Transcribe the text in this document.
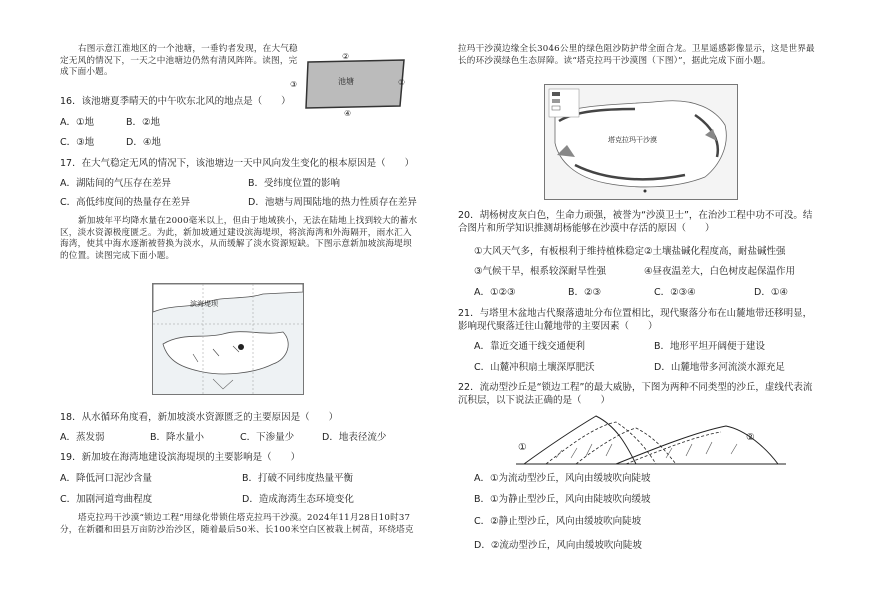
右图示意江淮地区的一个池塘，一垂钓者发现，在大气稳定无风的情况下，一天之中池塘边仍然有清风阵阵。读图，完成下面小题。
池塘
②
①
③
④
16．该池塘夏季晴天的中午吹东北风的地点是（　　）
A．①地	B．②地
C．③地	D．④地
17．在大气稳定无风的情况下，该池塘边一天中风向发生变化的根本原因是（　　）
A．湖陆间的气压存在差异	B．受纬度位置的影响
C．高低纬度间的热量存在差异	D．池塘与周围陆地的热力性质存在差异
新加坡年平均降水量在2000毫米以上，但由于地域狭小，无法在陆地上找到较大的蓄水区，淡水资源极度匮乏。为此，新加坡通过建设滨海堤坝，将滨海湾和外海隔开，雨水汇入海湾，使其中海水逐渐被替换为淡水，从而缓解了淡水资源短缺。下图示意新加坡滨海堤坝的位置。读图完成下面小题。
滨海堤坝
18．从水循环角度看，新加坡淡水资源匮乏的主要原因是（　　）
A．蒸发弱	B．降水量小	C．下渗量少	D．地表径流少
19．新加坡在海湾地建设滨海堤坝的主要影响是（　　）
A．降低河口泥沙含量	B．打破不同纬度热量平衡
C．加剧河道弯曲程度	D．造成海湾生态环境变化
塔克拉玛干沙漠“锁边工程”用绿化带锁住塔克拉玛干沙漠。2024年11月28日10时37分，在新疆和田县万亩防沙治沙区，随着最后50米、长100米空白区被栽上树苗，环绕塔克
拉玛干沙漠边缘全长3046公里的绿色阻沙防护带全面合龙。卫星遥感影像显示，这是世界最长的环沙漠绿色生态屏障。读“塔克拉玛干沙漠图（下图）”，据此完成下面小题。
塔克拉玛干沙漠
20．胡杨树皮灰白色，生命力顽强，被誉为“沙漠卫士”，在治沙工程中功不可没。结合图片和所学知识推测胡杨能够在沙漠中存活的原因（　　）
①大风天气多，有板根利于维持植株稳定 ②土壤盐碱化程度高，耐盐碱性强
③气候干旱，根系较深耐旱性强	④昼夜温差大，白色树皮起保温作用
A．①②③	B．②③	C．②③④	D．①④
21．与塔里木盆地古代聚落遗址分布位置相比，现代聚落分布在山麓地带还移明显，影响现代聚落迁往山麓地带的主要因素（　　）
A．靠近交通干线交通便利	B．地形平坦开阔便于建设
C．山麓冲积扇土壤深厚肥沃	D．山麓地带多河流淡水源充足
22．流动型沙丘是“锁边工程”的最大威胁，下图为两种不同类型的沙丘，虚线代表流沉积层，以下说法正确的是（　　）
①
②
A．①为流动型沙丘，风向由缓坡吹向陡坡
B．①为静止型沙丘，风向由陡坡吹向缓坡
C．②静止型沙丘，风向由缓坡吹向陡坡
D．②流动型沙丘，风向由缓坡吹向陡坡
